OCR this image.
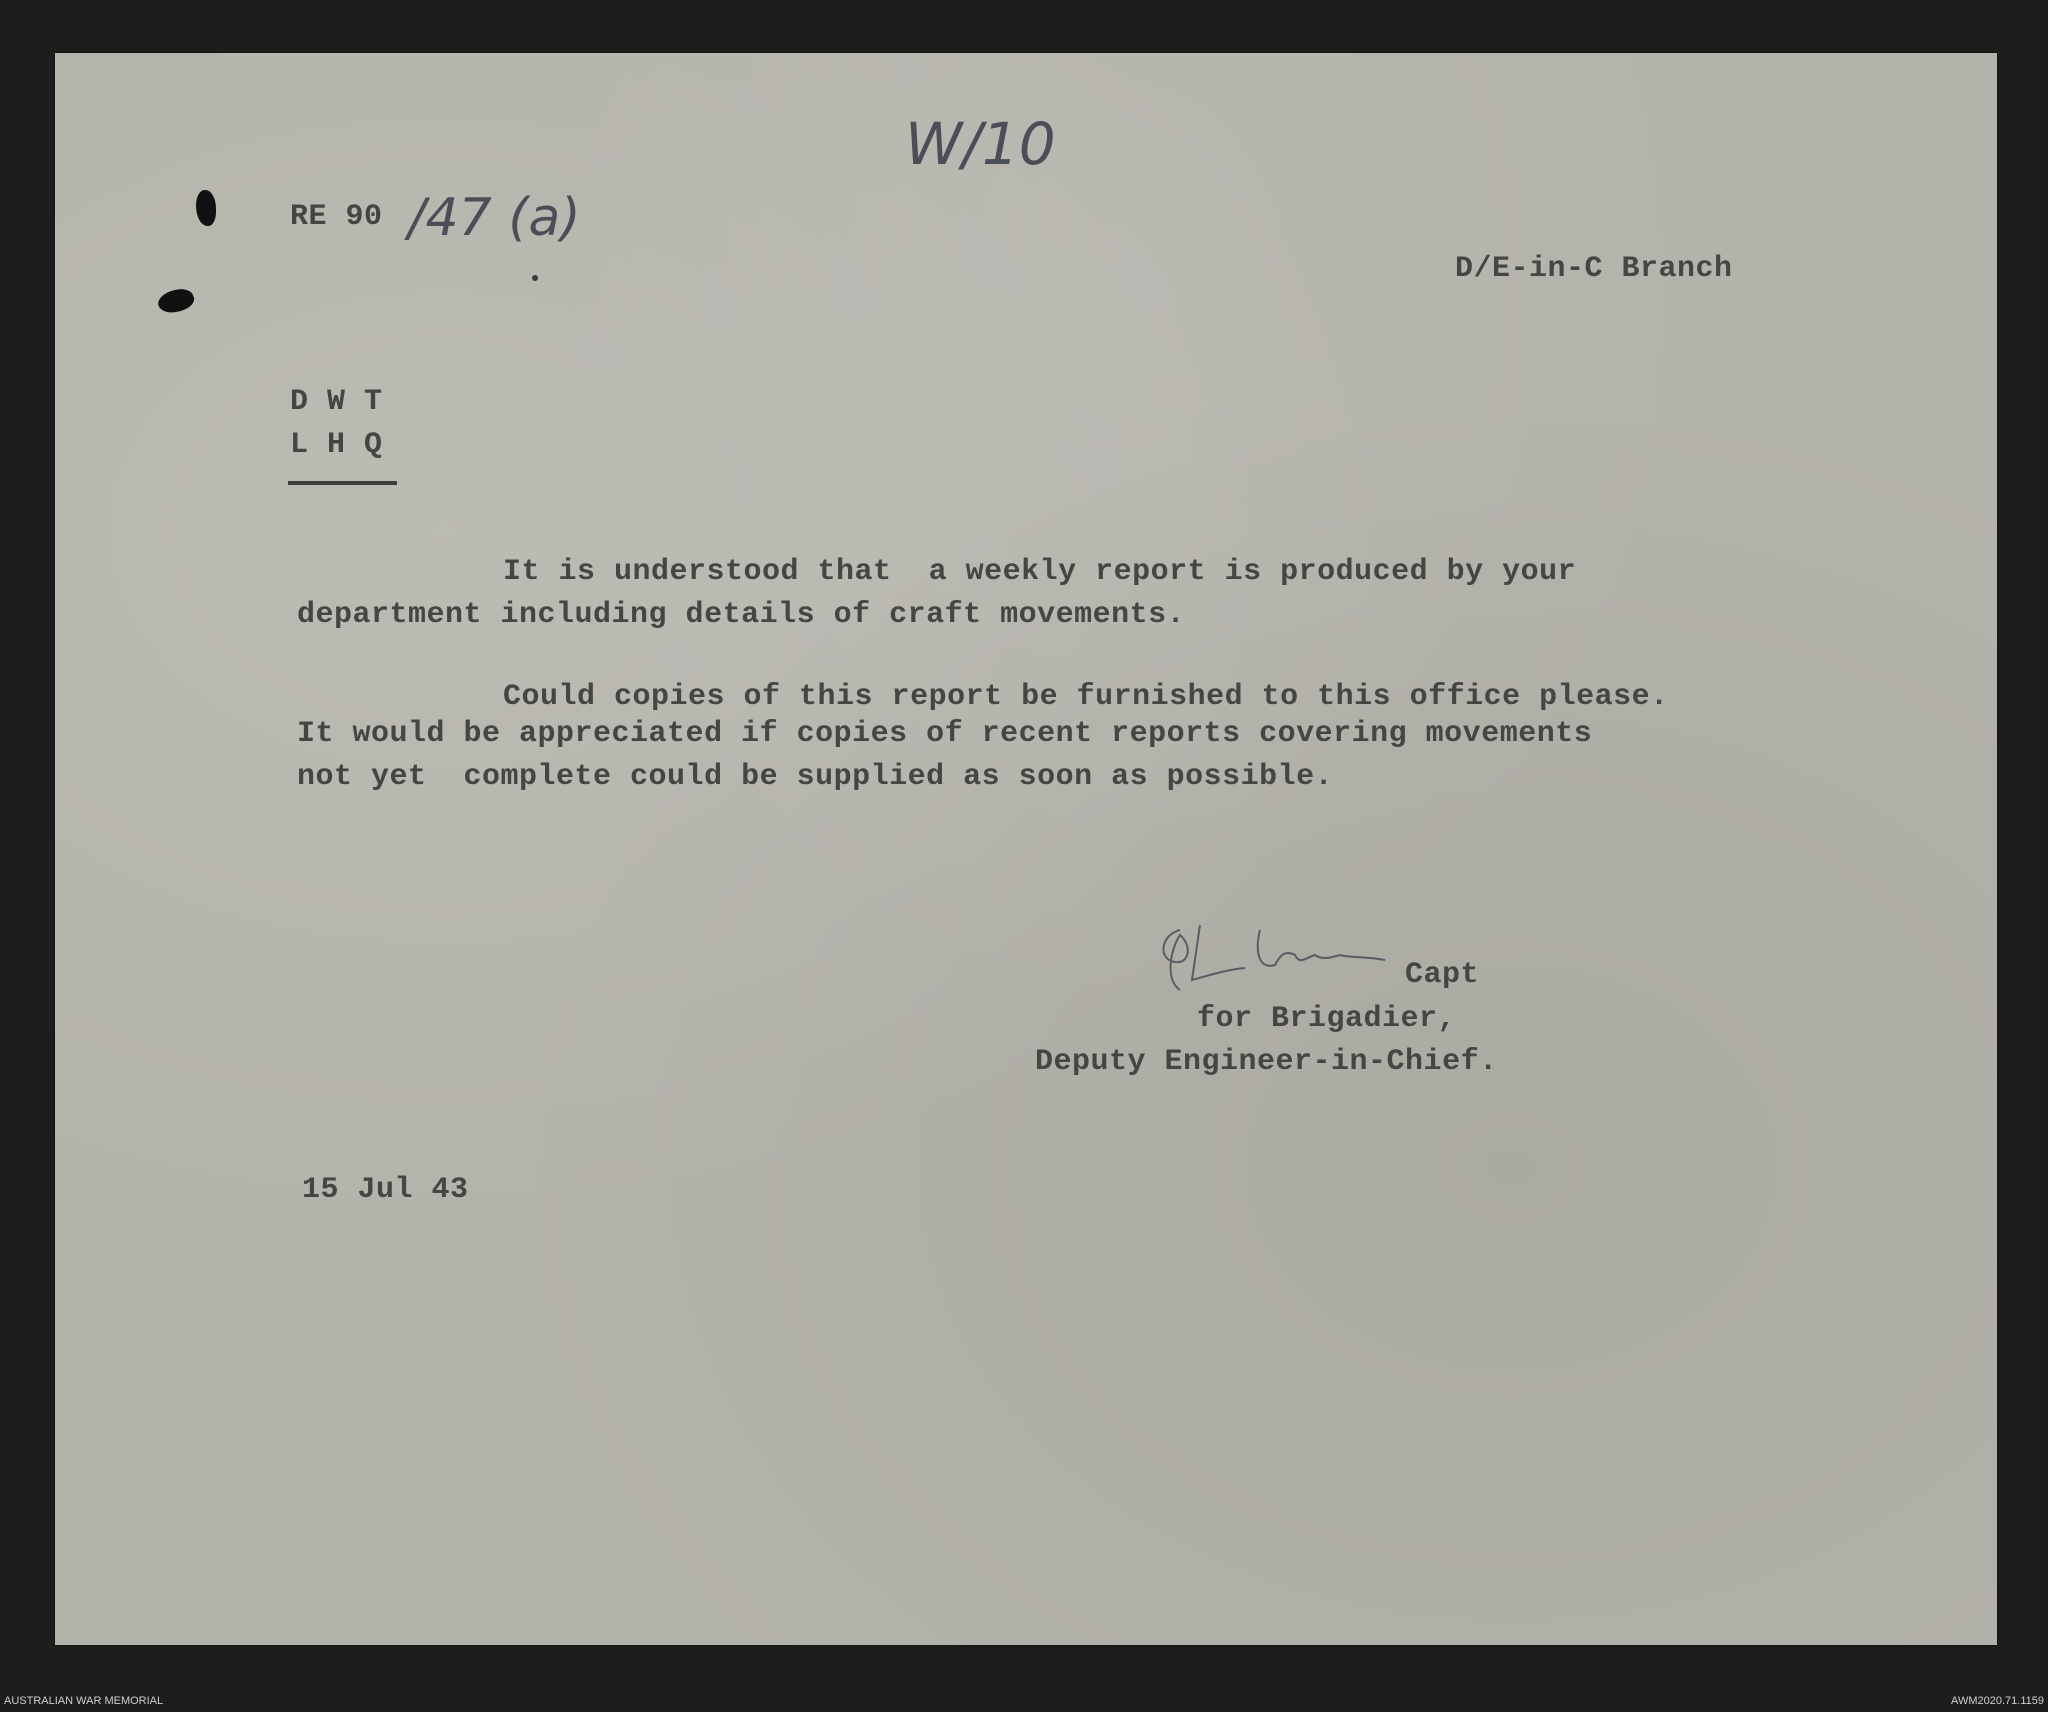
W/10
/47 (a)
RE 90
D/E-in-C Branch
D W T
L H Q
It is understood that  a weekly report is produced by your
department including details of craft movements.
Could copies of this report be furnished to this office please.
It would be appreciated if copies of recent reports covering movements
not yet  complete could be supplied as soon as possible.
Capt
for Brigadier,
Deputy Engineer-in-Chief.
15 Jul 43
AUSTRALIAN WAR MEMORIAL	AWM2020.71.1159
